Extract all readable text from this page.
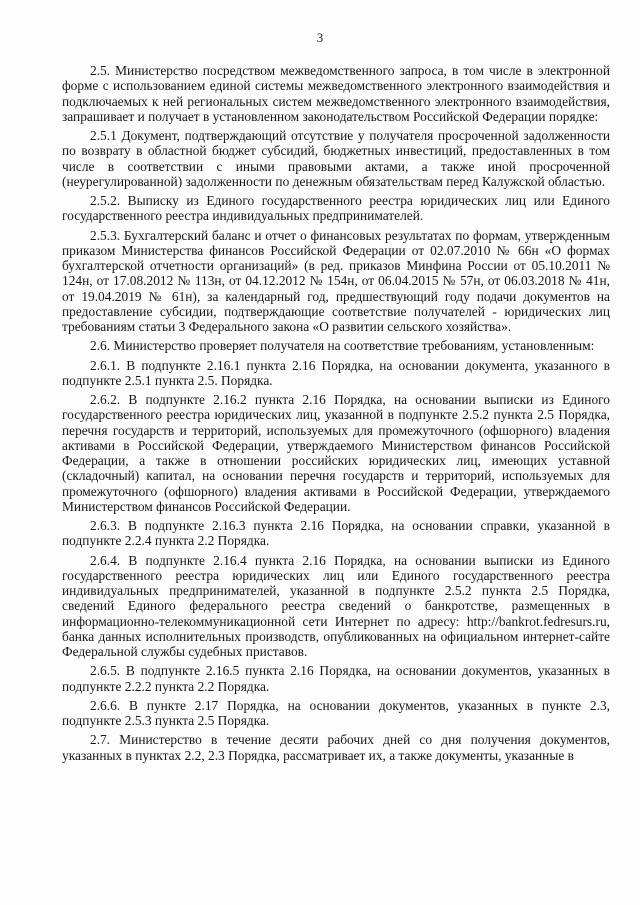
3

2.5. Министерство посредством межведомственного запроса, в том числе в электронной форме с использованием единой системы межведомственного электронного взаимодействия и подключаемых к ней региональных систем межведомственного электронного взаимодействия, запрашивает и получает в установленном законодательством Российской Федерации порядке:

2.5.1 Документ, подтверждающий отсутствие у получателя просроченной задолженности по возврату в областной бюджет субсидий, бюджетных инвестиций, предоставленных в том числе в соответствии с иными правовыми актами, а также иной просроченной (неурегулированной) задолженности по денежным обязательствам перед Калужской областью.

2.5.2. Выписку из Единого государственного реестра юридических лиц или Единого государственного реестра индивидуальных предпринимателей.

2.5.3. Бухгалтерский баланс и отчет о финансовых результатах по формам, утвержденным приказом Министерства финансов Российской Федерации от 02.07.2010 № 66н «О формах бухгалтерской отчетности организаций» (в ред. приказов Минфина России от 05.10.2011 № 124н, от 17.08.2012 № 113н, от 04.12.2012 № 154н, от 06.04.2015 № 57н, от 06.03.2018 № 41н, от 19.04.2019 № 61н), за календарный год, предшествующий году подачи документов на предоставление субсидии, подтверждающие соответствие получателей - юридических лиц требованиям статьи 3 Федерального закона «О развитии сельского хозяйства».

2.6. Министерство проверяет получателя на соответствие требованиям, установленным:

2.6.1. В подпункте 2.16.1 пункта 2.16 Порядка, на основании документа, указанного в подпункте 2.5.1 пункта 2.5. Порядка.

2.6.2. В подпункте 2.16.2 пункта 2.16 Порядка, на основании выписки из Единого государственного реестра юридических лиц, указанной в подпункте 2.5.2 пункта 2.5 Порядка, перечня государств и территорий, используемых для промежуточного (офшорного) владения активами в Российской Федерации, утверждаемого Министерством финансов Российской Федерации, а также в отношении российских юридических лиц, имеющих уставной (складочный) капитал, на основании перечня государств и территорий, используемых для промежуточного (офшорного) владения активами в Российской Федерации, утверждаемого Министерством финансов Российской Федерации.

2.6.3. В подпункте 2.16.3 пункта 2.16 Порядка, на основании справки, указанной в подпункте 2.2.4 пункта 2.2 Порядка.

2.6.4. В подпункте 2.16.4 пункта 2.16 Порядка, на основании выписки из Единого государственного реестра юридических лиц или Единого государственного реестра индивидуальных предпринимателей, указанной в подпункте 2.5.2 пункта 2.5 Порядка, сведений Единого федерального реестра сведений о банкротстве, размещенных в информационно-телекоммуникационной сети Интернет по адресу: http://bankrot.fedresurs.ru, банка данных исполнительных производств, опубликованных на официальном интернет-сайте Федеральной службы судебных приставов.

2.6.5. В подпункте 2.16.5 пункта 2.16 Порядка, на основании документов, указанных в подпункте 2.2.2 пункта 2.2 Порядка.

2.6.6. В пункте 2.17 Порядка, на основании документов, указанных в пункте 2.3, подпункте 2.5.3 пункта 2.5 Порядка.

2.7. Министерство в течение десяти рабочих дней со дня получения документов, указанных в пунктах 2.2, 2.3 Порядка, рассматривает их, а также документы, указанные в
